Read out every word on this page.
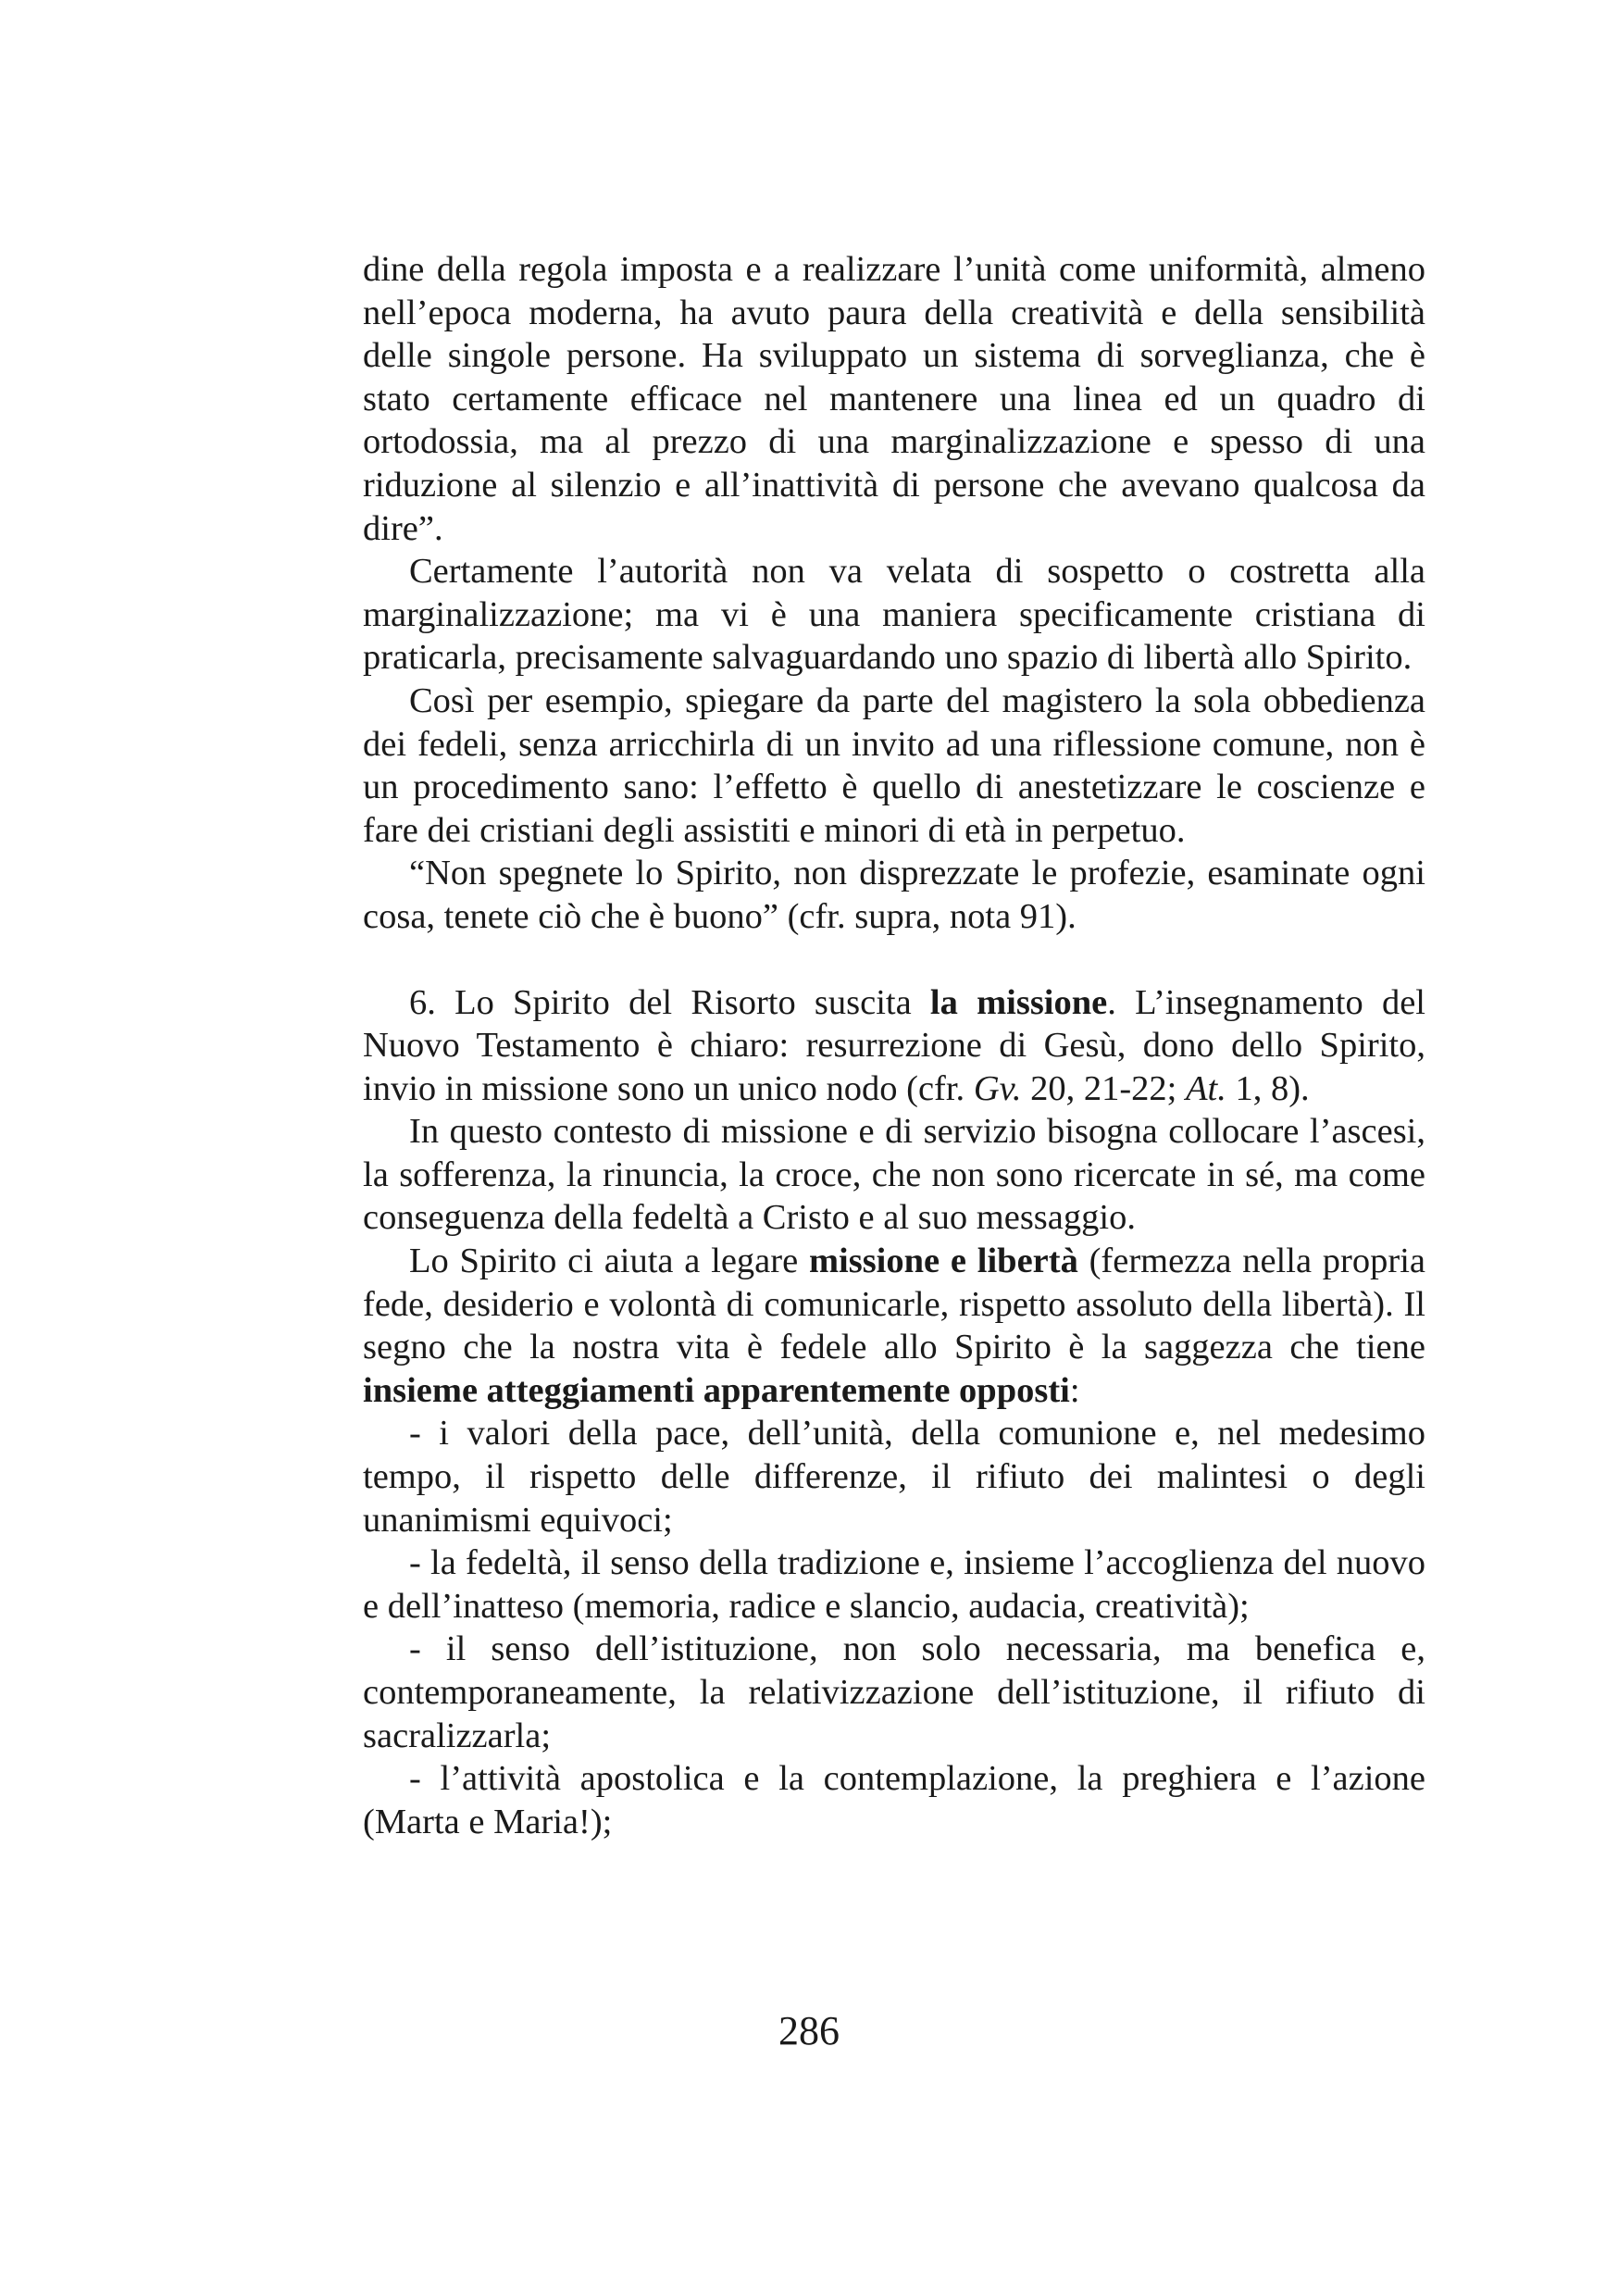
dine della regola imposta e a realizzare l’unità come uniformità, almeno nell’epoca moderna, ha avuto paura della creatività e della sensibilità delle singole persone. Ha sviluppato un sistema di sorveglianza, che è stato certamente efficace nel mantenere una linea ed un quadro di ortodossia, ma al prezzo di una marginalizzazione e spesso di una riduzione al silenzio e all’inattività di persone che avevano qualcosa da dire”.

Certamente l’autorità non va velata di sospetto o costretta alla marginalizzazione; ma vi è una maniera specificamente cristiana di praticarla, precisamente salvaguardando uno spazio di libertà allo Spirito.

Così per esempio, spiegare da parte del magistero la sola obbedienza dei fedeli, senza arricchirla di un invito ad una riflessione comune, non è un procedimento sano: l’effetto è quello di anestetizzare le coscienze e fare dei cristiani degli assistiti e minori di età in perpetuo.

“Non spegnete lo Spirito, non disprezzate le profezie, esaminate ogni cosa, tenete ciò che è buono” (cfr. supra, nota 91).

6. Lo Spirito del Risorto suscita la missione. L’insegnamento del Nuovo Testamento è chiaro: resurrezione di Gesù, dono dello Spirito, invio in missione sono un unico nodo (cfr. Gv. 20, 21-22; At. 1, 8).

In questo contesto di missione e di servizio bisogna collocare l’ascesi, la sofferenza, la rinuncia, la croce, che non sono ricercate in sé, ma come conseguenza della fedeltà a Cristo e al suo messaggio.

Lo Spirito ci aiuta a legare missione e libertà (fermezza nella propria fede, desiderio e volontà di comunicarle, rispetto assoluto della libertà). Il segno che la nostra vita è fedele allo Spirito è la saggezza che tiene insieme atteggiamenti apparentemente opposti:

- i valori della pace, dell’unità, della comunione e, nel medesimo tempo, il rispetto delle differenze, il rifiuto dei malintesi o degli unanimismi equivoci;

- la fedeltà, il senso della tradizione e, insieme l’accoglienza del nuovo e dell’inatteso (memoria, radice e slancio, audacia, creatività);

- il senso dell’istituzione, non solo necessaria, ma benefica e, contemporaneamente, la relativizzazione dell’istituzione, il rifiuto di sacralizzarla;

- l’attività apostolica e la contemplazione, la preghiera e l’azione (Marta e Maria!);

286
